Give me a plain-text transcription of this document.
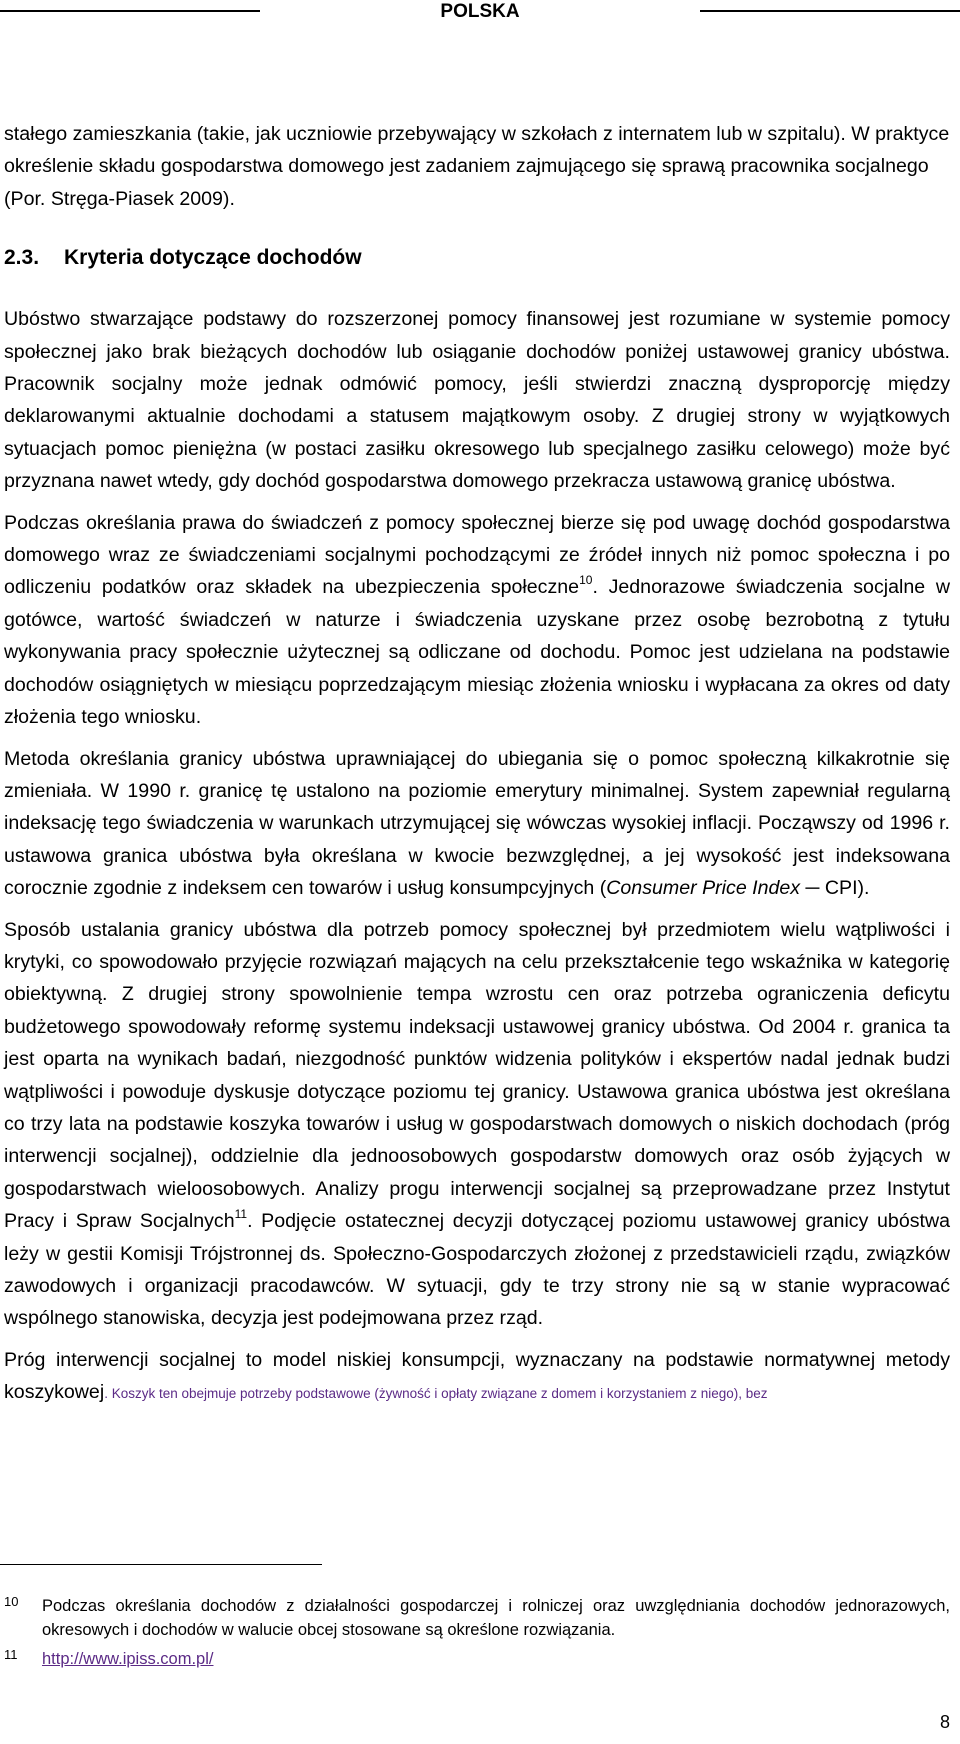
POLSKA

stałego zamieszkania (takie, jak uczniowie przebywający w szkołach z internatem lub w szpitalu). W praktyce określenie składu gospodarstwa domowego jest zadaniem zajmującego się sprawą pracownika socjalnego (Por. Stręga-Piasek 2009).

2.3. Kryteria dotyczące dochodów

Ubóstwo stwarzające podstawy do rozszerzonej pomocy finansowej jest rozumiane w systemie pomocy społecznej jako brak bieżących dochodów lub osiąganie dochodów poniżej ustawowej granicy ubóstwa. Pracownik socjalny może jednak odmówić pomocy, jeśli stwierdzi znaczną dysproporcję między deklarowanymi aktualnie dochodami a statusem majątkowym osoby. Z drugiej strony w wyjątkowych sytuacjach pomoc pieniężna (w postaci zasiłku okresowego lub specjalnego zasiłku celowego) może być przyznana nawet wtedy, gdy dochód gospodarstwa domowego przekracza ustawową granicę ubóstwa.

Podczas określania prawa do świadczeń z pomocy społecznej bierze się pod uwagę dochód gospodarstwa domowego wraz ze świadczeniami socjalnymi pochodzącymi ze źródeł innych niż pomoc społeczna i po odliczeniu podatków oraz składek na ubezpieczenia społeczne$^{10}$. Jednorazowe świadczenia socjalne w gotówce, wartość świadczeń w naturze i świadczenia uzyskane przez osobę bezrobotną z tytułu wykonywania pracy społecznie użytecznej są odliczane od dochodu. Pomoc jest udzielana na podstawie dochodów osiągniętych w miesiącu poprzedzającym miesiąc złożenia wniosku i wypłacana za okres od daty złożenia tego wniosku.

Metoda określania granicy ubóstwa uprawniającej do ubiegania się o pomoc społeczną kilkakrotnie się zmieniała. W 1990 r. granicę tę ustalono na poziomie emerytury minimalnej. System zapewniał regularną indeksację tego świadczenia w warunkach utrzymującej się wówczas wysokiej inflacji. Począwszy od 1996 r. ustawowa granica ubóstwa była określana w kwocie bezwzględnej, a jej wysokość jest indeksowana corocznie zgodnie z indeksem cen towarów i usług konsumpcyjnych (Consumer Price Index ─ CPI).

Sposób ustalania granicy ubóstwa dla potrzeb pomocy społecznej był przedmiotem wielu wątpliwości i krytyki, co spowodowało przyjęcie rozwiązań mających na celu przekształcenie tego wskaźnika w kategorię obiektywną. Z drugiej strony spowolnienie tempa wzrostu cen oraz potrzeba ograniczenia deficytu budżetowego spowodowały reformę systemu indeksacji ustawowej granicy ubóstwa. Od 2004 r. granica ta jest oparta na wynikach badań, niezgodność punktów widzenia polityków i ekspertów nadal jednak budzi wątpliwości i powoduje dyskusje dotyczące poziomu tej granicy. Ustawowa granica ubóstwa jest określana co trzy lata na podstawie koszyka towarów i usług w gospodarstwach domowych o niskich dochodach (próg interwencji socjalnej), oddzielnie dla jednoosobowych gospodarstw domowych oraz osób żyjących w gospodarstwach wieloosobowych. Analizy progu interwencji socjalnej są przeprowadzane przez Instytut Pracy i Spraw Socjalnych$^{11}$. Podjęcie ostatecznej decyzji dotyczącej poziomu ustawowej granicy ubóstwa leży w gestii Komisji Trójstronnej ds. Społeczno-Gospodarczych złożonej z przedstawicieli rządu, związków zawodowych i organizacji pracodawców. W sytuacji, gdy te trzy strony nie są w stanie wypracować wspólnego stanowiska, decyzja jest podejmowana przez rząd.

Próg interwencji socjalnej to model niskiej konsumpcji, wyznaczany na podstawie normatywnej metody koszykowej. Koszyk ten obejmuje potrzeby podstawowe (żywność i opłaty związane z domem i korzystaniem z niego), bez

10 Podczas określania dochodów z działalności gospodarczej i rolniczej oraz uwzględniania dochodów jednorazowych, okresowych i dochodów w walucie obcej stosowane są określone rozwiązania.
11 http://www.ipiss.com.pl/
8
